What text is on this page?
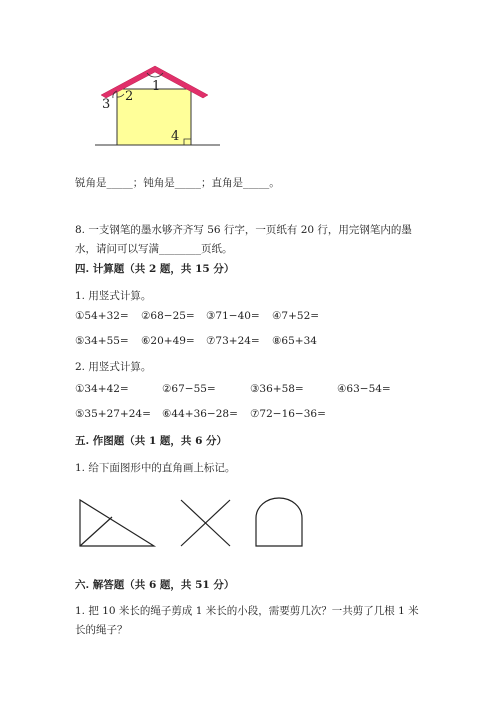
1
2
3
4
锐角是_____；钝角是_____；直角是_____。
8. 一支钢笔的墨水够齐齐写 56 行字，一页纸有 20 行，用完钢笔内的墨水，请问可以写满________页纸。
四. 计算题（共 2 题，共 15 分）
1. 用竖式计算。
①54+32= ②68−25= ③71−40= ④7+52=
⑤34+55= ⑥20+49= ⑦73+24= ⑧65+34
2. 用竖式计算。
①34+42=	②67−55=	③36+58=	④63−54=
⑤35+27+24= ⑥44+36−28= ⑦72−16−36=
五. 作图题（共 1 题，共 6 分）
1. 给下面图形中的直角画上标记。
六. 解答题（共 6 题，共 51 分）
1. 把 10 米长的绳子剪成 1 米长的小段，需要剪几次？一共剪了几根 1 米长的绳子？
